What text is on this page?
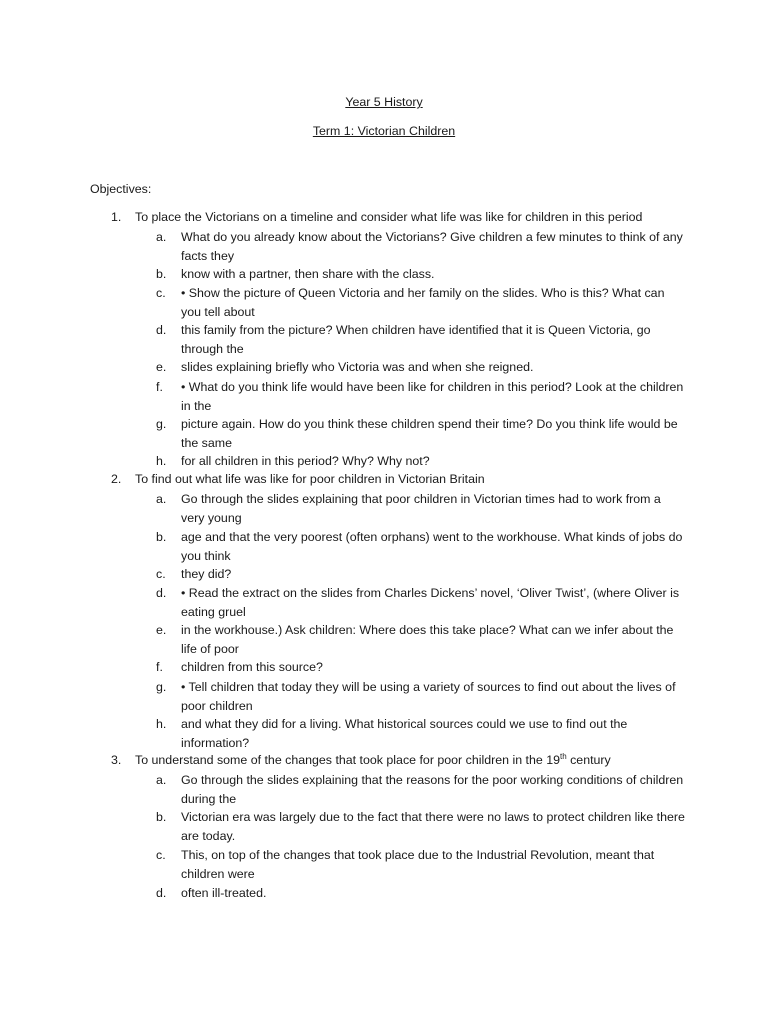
Year 5 History
Term 1: Victorian Children
Objectives:
1. To place the Victorians on a timeline and consider what life was like for children in this period
a. What do you already know about the Victorians? Give children a few minutes to think of any facts they
b. know with a partner, then share with the class.
c. • Show the picture of Queen Victoria and her family on the slides. Who is this? What can you tell about
d. this family from the picture? When children have identified that it is Queen Victoria, go through the
e. slides explaining briefly who Victoria was and when she reigned.
f. • What do you think life would have been like for children in this period? Look at the children in the
g. picture again. How do you think these children spend their time? Do you think life would be the same
h. for all children in this period? Why? Why not?
2. To find out what life was like for poor children in Victorian Britain
a. Go through the slides explaining that poor children in Victorian times had to work from a very young
b. age and that the very poorest (often orphans) went to the workhouse. What kinds of jobs do you think
c. they did?
d. • Read the extract on the slides from Charles Dickens’ novel, ‘Oliver Twist’, (where Oliver is eating gruel
e. in the workhouse.) Ask children: Where does this take place? What can we infer about the life of poor
f. children from this source?
g. • Tell children that today they will be using a variety of sources to find out about the lives of poor children
h. and what they did for a living. What historical sources could we use to find out the information?
3. To understand some of the changes that took place for poor children in the 19th century
a. Go through the slides explaining that the reasons for the poor working conditions of children during the
b. Victorian era was largely due to the fact that there were no laws to protect children like there are today.
c. This, on top of the changes that took place due to the Industrial Revolution, meant that children were
d. often ill-treated.
